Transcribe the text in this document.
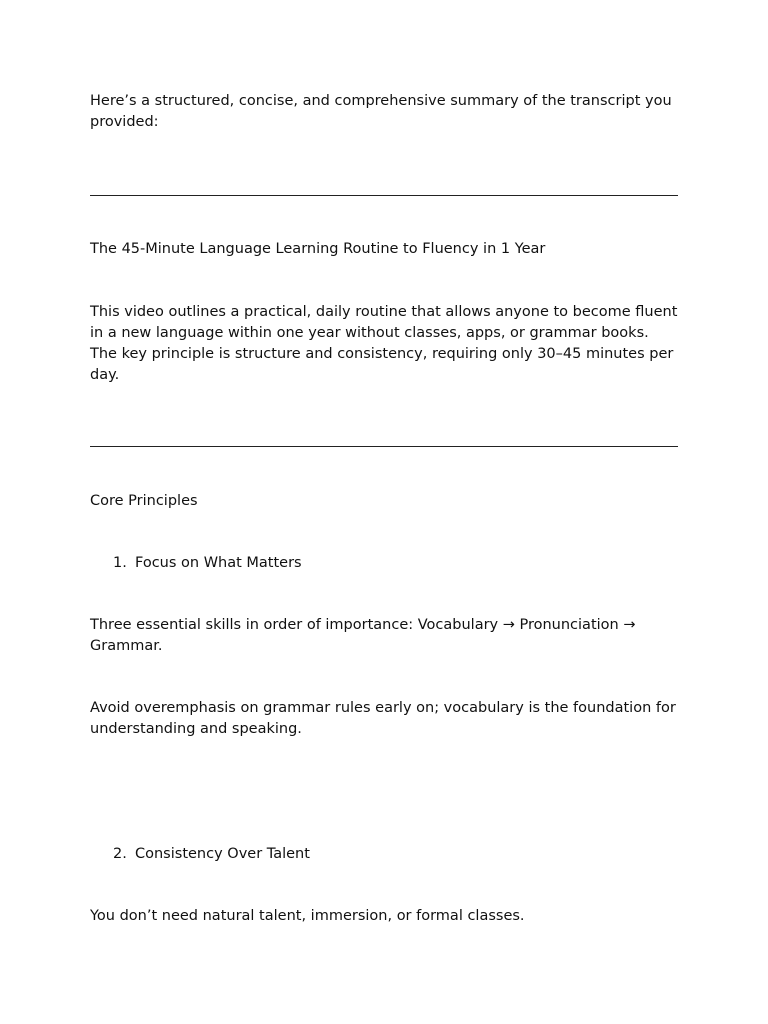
Here’s a structured, concise, and comprehensive summary of the transcript you provided:

The 45-Minute Language Learning Routine to Fluency in 1 Year

This video outlines a practical, daily routine that allows anyone to become fluent in a new language within one year without classes, apps, or grammar books. The key principle is structure and consistency, requiring only 30–45 minutes per day.

Core Principles

1. Focus on What Matters

Three essential skills in order of importance: Vocabulary → Pronunciation → Grammar.

Avoid overemphasis on grammar rules early on; vocabulary is the foundation for understanding and speaking.

2. Consistency Over Talent

You don’t need natural talent, immersion, or formal classes.
